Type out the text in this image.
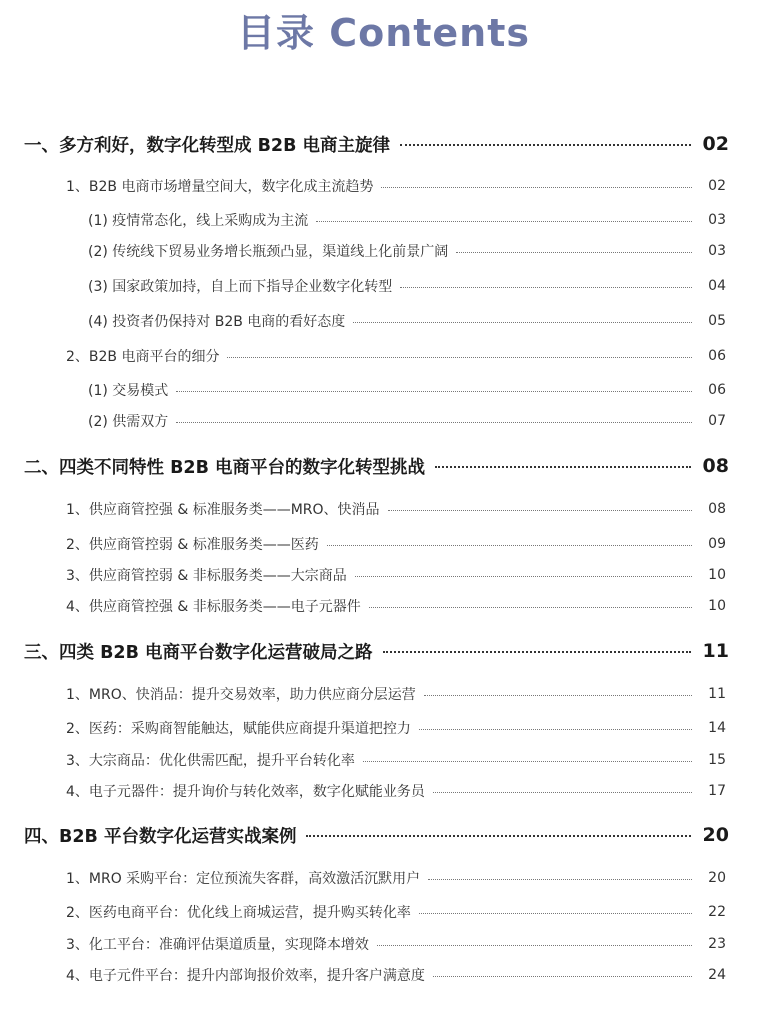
目录 Contents
一、多方利好，数字化转型成 B2B 电商主旋律	02
1、B2B 电商市场增量空间大，数字化成主流趋势	02
(1) 疫情常态化，线上采购成为主流	03
(2) 传统线下贸易业务增长瓶颈凸显，渠道线上化前景广阔	03
(3) 国家政策加持，自上而下指导企业数字化转型	04
(4) 投资者仍保持对 B2B 电商的看好态度	05
2、B2B 电商平台的细分	06
(1) 交易模式	06
(2) 供需双方	07
二、四类不同特性 B2B 电商平台的数字化转型挑战	08
1、供应商管控强 & 标准服务类——MRO、快消品	08
2、供应商管控弱 & 标准服务类——医药	09
3、供应商管控弱 & 非标服务类——大宗商品	10
4、供应商管控强 & 非标服务类——电子元器件	10
三、四类 B2B 电商平台数字化运营破局之路	11
1、MRO、快消品：提升交易效率，助力供应商分层运营	11
2、医药：采购商智能触达，赋能供应商提升渠道把控力	14
3、大宗商品：优化供需匹配，提升平台转化率	15
4、电子元器件：提升询价与转化效率，数字化赋能业务员	17
四、B2B 平台数字化运营实战案例	20
1、MRO 采购平台：定位预流失客群，高效激活沉默用户	20
2、医药电商平台：优化线上商城运营，提升购买转化率	22
3、化工平台：准确评估渠道质量，实现降本增效	23
4、电子元件平台：提升内部询报价效率，提升客户满意度	24
